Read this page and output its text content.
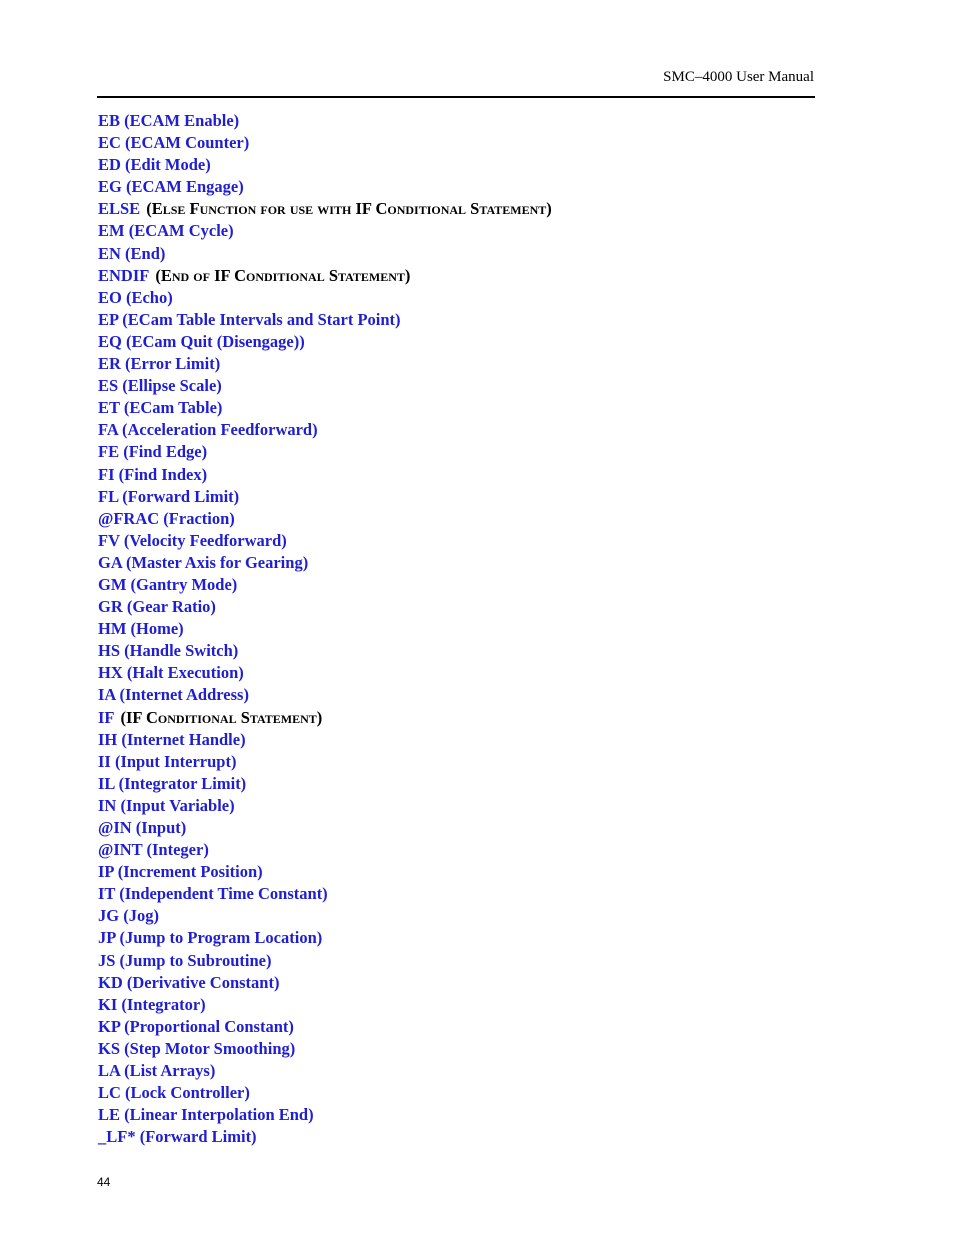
SMC–4000 User Manual
EB (ECAM Enable)
EC (ECAM Counter)
ED (Edit Mode)
EG (ECAM Engage)
ELSE (Else Function for use with IF Conditional Statement)
EM (ECAM Cycle)
EN (End)
ENDIF (End of IF Conditional Statement)
EO (Echo)
EP (ECam Table Intervals and Start Point)
EQ (ECam Quit (Disengage))
ER (Error Limit)
ES (Ellipse Scale)
ET (ECam Table)
FA (Acceleration Feedforward)
FE (Find Edge)
FI (Find Index)
FL (Forward Limit)
@FRAC (Fraction)
FV (Velocity Feedforward)
GA (Master Axis for Gearing)
GM (Gantry Mode)
GR (Gear Ratio)
HM (Home)
HS (Handle Switch)
HX (Halt Execution)
IA (Internet Address)
IF (IF Conditional Statement)
IH (Internet Handle)
II (Input Interrupt)
IL (Integrator Limit)
IN (Input Variable)
@IN (Input)
@INT (Integer)
IP (Increment Position)
IT (Independent Time Constant)
JG (Jog)
JP (Jump to Program Location)
JS (Jump to Subroutine)
KD (Derivative Constant)
KI (Integrator)
KP (Proportional Constant)
KS (Step Motor Smoothing)
LA (List Arrays)
LC (Lock Controller)
LE (Linear Interpolation End)
_LF* (Forward Limit)
44
